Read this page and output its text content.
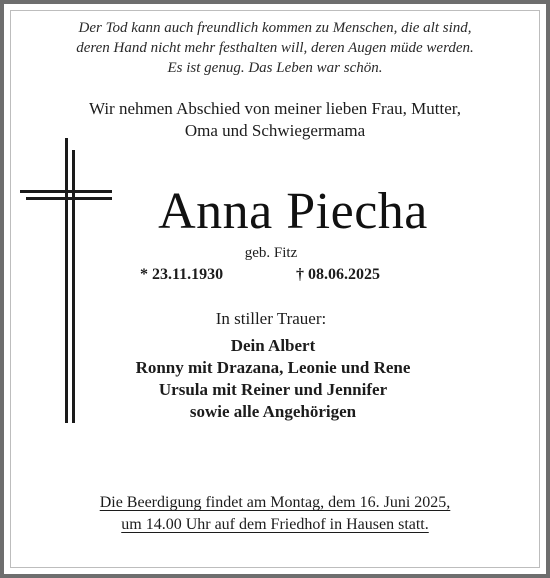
Der Tod kann auch freundlich kommen zu Menschen, die alt sind,
deren Hand nicht mehr festhalten will, deren Augen müde werden.
Es ist genug. Das Leben war schön.
Wir nehmen Abschied von meiner lieben Frau, Mutter,
Oma und Schwiegermama
Anna Piecha
geb. Fitz
* 23.11.1930	† 08.06.2025
In stiller Trauer:
Dein Albert
Ronny mit Drazana, Leonie und Rene
Ursula mit Reiner und Jennifer
sowie alle Angehörigen
Die Beerdigung findet am Montag, dem 16. Juni 2025,
um 14.00 Uhr auf dem Friedhof in Hausen statt.
